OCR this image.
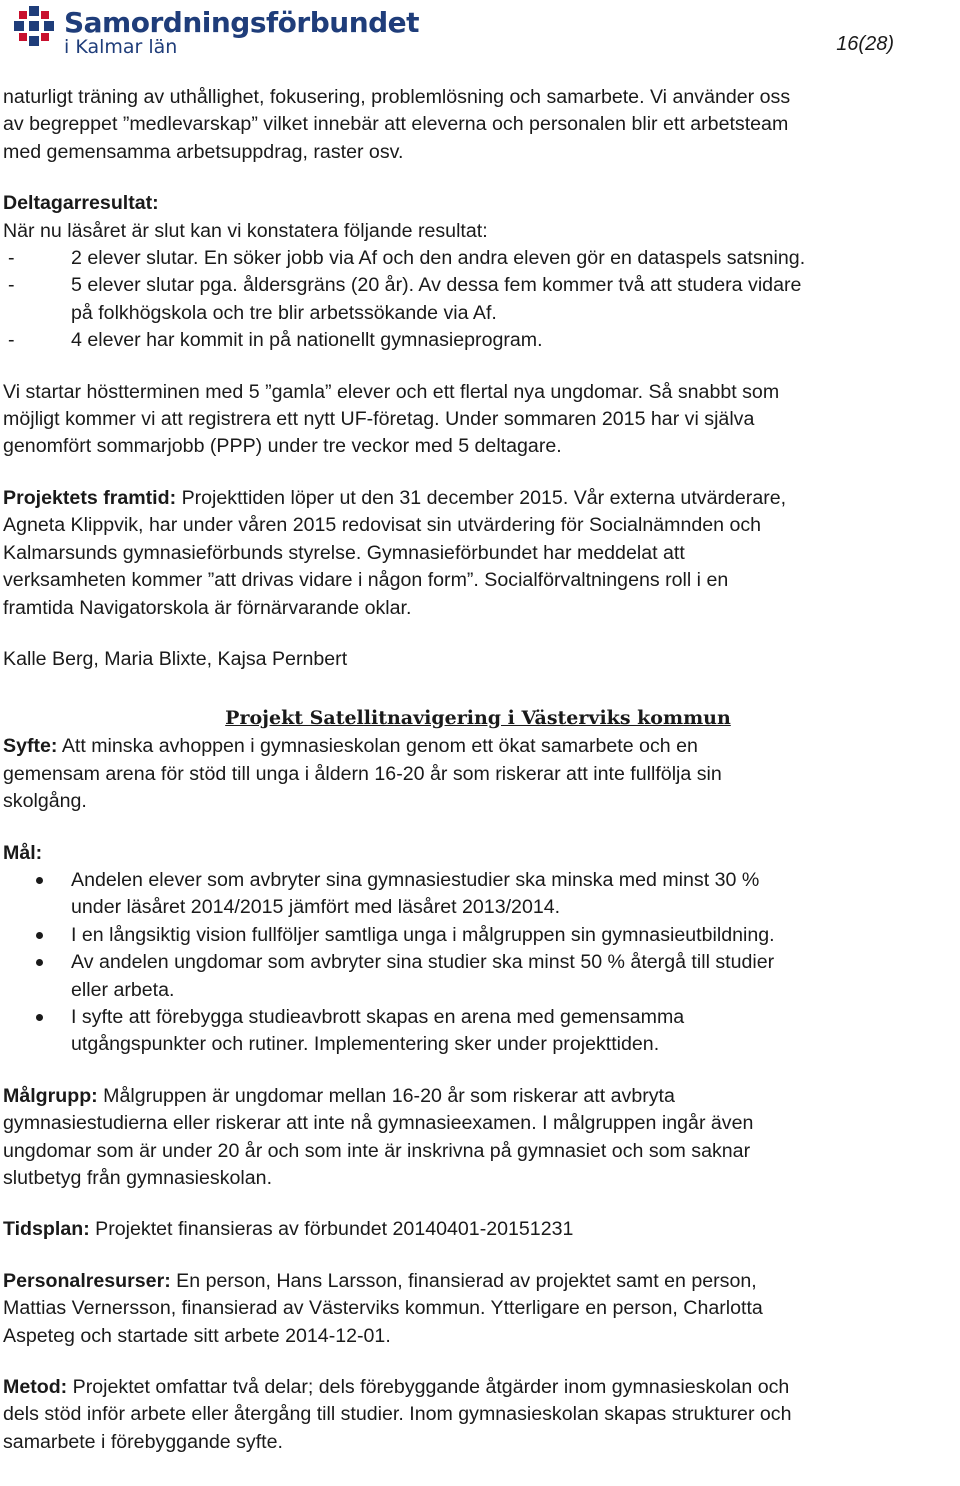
Samordningsförbundet
i Kalmar län	16(28)

naturligt träning av uthållighet, fokusering, problemlösning och samarbete. Vi använder oss

av begreppet ”medlevarskap” vilket innebär att eleverna och personalen blir ett arbetsteam

med gemensamma arbetsuppdrag, raster osv.

Deltagarresultat:

När nu läsåret är slut kan vi konstatera följande resultat:

-	2 elever slutar. En söker jobb via Af och den andra eleven gör en dataspels satsning.
-	5 elever slutar pga. åldersgräns (20 år). Av dessa fem kommer två att studera vidare
på folkhögskola och tre blir arbetssökande via Af.
-	4 elever har kommit in på nationellt gymnasieprogram.

Vi startar höstterminen med 5 ”gamla” elever och ett flertal nya ungdomar. Så snabbt som

möjligt kommer vi att registrera ett nytt UF-företag. Under sommaren 2015 har vi själva

genomfört sommarjobb (PPP) under tre veckor med 5 deltagare.

Projektets framtid: Projekttiden löper ut den 31 december 2015. Vår externa utvärderare,

Agneta Klippvik, har under våren 2015 redovisat sin utvärdering för Socialnämnden och

Kalmarsunds gymnasieförbunds styrelse. Gymnasieförbundet har meddelat att

verksamheten kommer ”att drivas vidare i någon form”. Socialförvaltningens roll i en

framtida Navigatorskola är förnärvarande oklar.

Kalle Berg, Maria Blixte, Kajsa Pernbert

Projekt Satellitnavigering i Västerviks kommun

Syfte: Att minska avhoppen i gymnasieskolan genom ett ökat samarbete och en

gemensam arena för stöd till unga i åldern 16-20 år som riskerar att inte fullfölja sin

skolgång.

Mål:

Andelen elever som avbryter sina gymnasiestudier ska minska med minst 30 %
under läsåret 2014/2015 jämfört med läsåret 2013/2014.
I en långsiktig vision fullföljer samtliga unga i målgruppen sin gymnasieutbildning.
Av andelen ungdomar som avbryter sina studier ska minst 50 % återgå till studier
eller arbeta.
I syfte att förebygga studieavbrott skapas en arena med gemensamma
utgångspunkter och rutiner. Implementering sker under projekttiden.

Målgrupp: Målgruppen är ungdomar mellan 16-20 år som riskerar att avbryta

gymnasiestudierna eller riskerar att inte nå gymnasieexamen. I målgruppen ingår även

ungdomar som är under 20 år och som inte är inskrivna på gymnasiet och som saknar

slutbetyg från gymnasieskolan.

Tidsplan: Projektet finansieras av förbundet 20140401-20151231

Personalresurser: En person, Hans Larsson, finansierad av projektet samt en person,

Mattias Vernersson, finansierad av Västerviks kommun. Ytterligare en person, Charlotta

Aspeteg och startade sitt arbete 2014-12-01.

Metod: Projektet omfattar två delar; dels förebyggande åtgärder inom gymnasieskolan och

dels stöd inför arbete eller återgång till studier. Inom gymnasieskolan skapas strukturer och

samarbete i förebyggande syfte.
